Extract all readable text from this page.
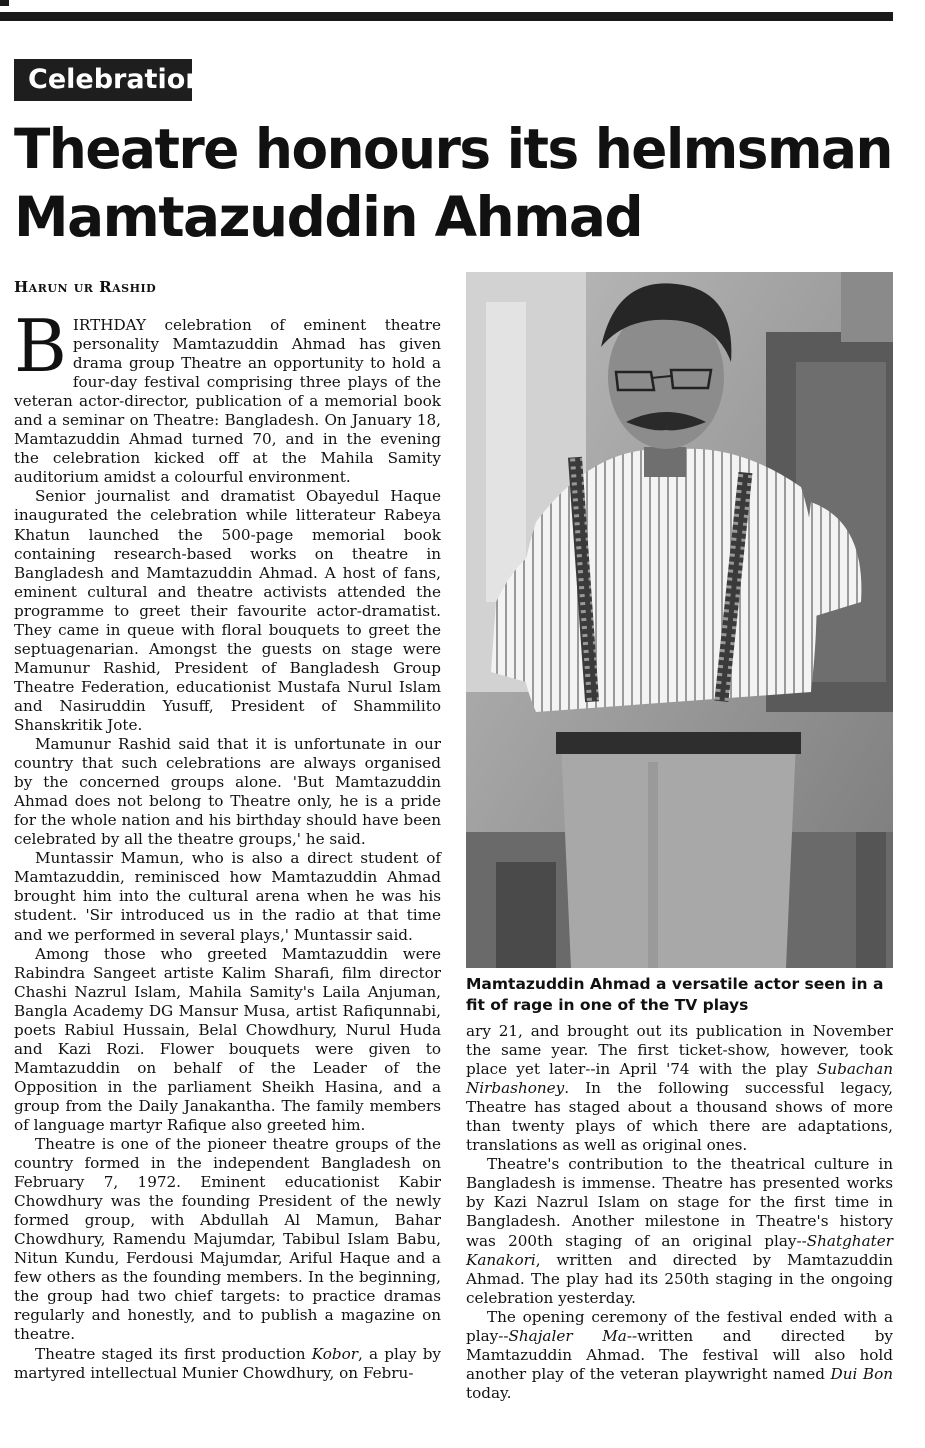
Celebration
Theatre honours its helmsman
Mamtazuddin Ahmad
Harun ur Rashid

BIRTHDAY celebration of eminent theatre personality Mamtazuddin Ahmad has given drama group Theatre an opportunity to hold a four-day festival comprising three plays of the veteran actor-director, publication of a memorial book and a seminar on Theatre: Bangladesh. On January 18, Mamtazuddin Ahmad turned 70, and in the evening the celebration kicked off at the Mahila Samity auditorium amidst a colourful environment.

Senior journalist and dramatist Obayedul Haque inaugurated the celebration while litterateur Rabeya Khatun launched the 500-page memorial book containing research-based works on theatre in Bangladesh and Mamtazuddin Ahmad. A host of fans, eminent cultural and theatre activists attended the programme to greet their favourite actor-dramatist. They came in queue with floral bouquets to greet the septuagenarian. Amongst the guests on stage were Mamunur Rashid, President of Bangladesh Group Theatre Federation, educationist Mustafa Nurul Islam and Nasiruddin Yusuff, President of Shammilito Shanskritik Jote.

Mamunur Rashid said that it is unfortunate in our country that such celebrations are always organised by the concerned groups alone. 'But Mamtazuddin Ahmad does not belong to Theatre only, he is a pride for the whole nation and his birthday should have been celebrated by all the theatre groups,' he said.

Muntassir Mamun, who is also a direct student of Mamtazuddin, reminisced how Mamtazuddin Ahmad brought him into the cultural arena when he was his student. 'Sir introduced us in the radio at that time and we performed in several plays,' Muntassir said.

Among those who greeted Mamtazuddin were Rabindra Sangeet artiste Kalim Sharafi, film director Chashi Nazrul Islam, Mahila Samity's Laila Anjuman, Bangla Academy DG Mansur Musa, artist Rafiqunnabi, poets Rabiul Hussain, Belal Chowdhury, Nurul Huda and Kazi Rozi. Flower bouquets were given to Mamtazuddin on behalf of the Leader of the Opposition in the parliament Sheikh Hasina, and a group from the Daily Janakantha. The family members of language martyr Rafique also greeted him.

Theatre is one of the pioneer theatre groups of the country formed in the independent Bangladesh on February 7, 1972. Eminent educationist Kabir Chowdhury was the founding President of the newly formed group, with Abdullah Al Mamun, Bahar Chowdhury, Ramendu Majumdar, Tabibul Islam Babu, Nitun Kundu, Ferdousi Majumdar, Ariful Haque and a few others as the founding members. In the beginning, the group had two chief targets: to practice dramas regularly and honestly, and to publish a magazine on theatre.

Theatre staged its first production Kobor, a play by martyred intellectual Munier Chowdhury, on Febru-

Mamtazuddin Ahmad a versatile actor seen in a fit of rage in one of the TV plays

ary 21, and brought out its publication in November the same year. The first ticket-show, however, took place yet later--in April '74 with the play Subachan Nirbashoney. In the following successful legacy, Theatre has staged about a thousand shows of more than twenty plays of which there are adaptations, translations as well as original ones.

Theatre's contribution to the theatrical culture in Bangladesh is immense. Theatre has presented works by Kazi Nazrul Islam on stage for the first time in Bangladesh. Another milestone in Theatre's history was 200th staging of an original play--Shatghater Kanakori, written and directed by Mamtazuddin Ahmad. The play had its 250th staging in the ongoing celebration yesterday.

The opening ceremony of the festival ended with a play--Shajaler Ma--written and directed by Mamtazuddin Ahmad. The festival will also hold another play of the veteran playwright named Dui Bon today.
